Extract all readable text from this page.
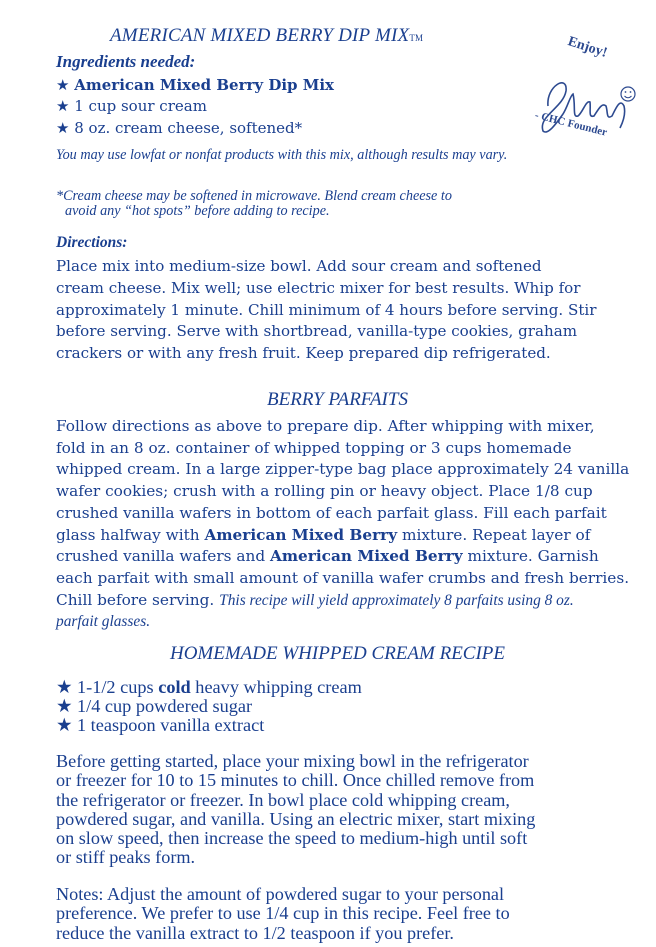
AMERICAN MIXED BERRY DIP MIXTM	Enjoy!
- CHC Founder
Ingredients needed:
★ American Mixed Berry Dip Mix
★ 1 cup sour cream
★ 8 oz. cream cheese, softened*
You may use lowfat or nonfat products with this mix, although results may vary.
*Cream cheese may be softened in microwave. Blend cream cheese to
avoid any “hot spots” before adding to recipe.
Directions:
Place mix into medium-size bowl. Add sour cream and softened
cream cheese. Mix well; use electric mixer for best results. Whip for
approximately 1 minute. Chill minimum of 4 hours before serving. Stir
before serving. Serve with shortbread, vanilla-type cookies, graham
crackers or with any fresh fruit. Keep prepared dip refrigerated.
BERRY PARFAITS
Follow directions as above to prepare dip. After whipping with mixer,
fold in an 8 oz. container of whipped topping or 3 cups homemade
whipped cream. In a large zipper-type bag place approximately 24 vanilla
wafer cookies; crush with a rolling pin or heavy object. Place 1/8 cup
crushed vanilla wafers in bottom of each parfait glass. Fill each parfait
glass halfway with American Mixed Berry mixture. Repeat layer of
crushed vanilla wafers and American Mixed Berry mixture. Garnish
each parfait with small amount of vanilla wafer crumbs and fresh berries.
Chill before serving. This recipe will yield approximately 8 parfaits using 8 oz.
parfait glasses.
HOMEMADE WHIPPED CREAM RECIPE
★ 1-1/2 cups cold heavy whipping cream
★ 1/4 cup powdered sugar
★ 1 teaspoon vanilla extract
Before getting started, place your mixing bowl in the refrigerator
or freezer for 10 to 15 minutes to chill. Once chilled remove from
the refrigerator or freezer. In bowl place cold whipping cream,
powdered sugar, and vanilla. Using an electric mixer, start mixing
on slow speed, then increase the speed to medium-high until soft
or stiff peaks form.
Notes: Adjust the amount of powdered sugar to your personal
preference. We prefer to use 1/4 cup in this recipe. Feel free to
reduce the vanilla extract to 1/2 teaspoon if you prefer.
